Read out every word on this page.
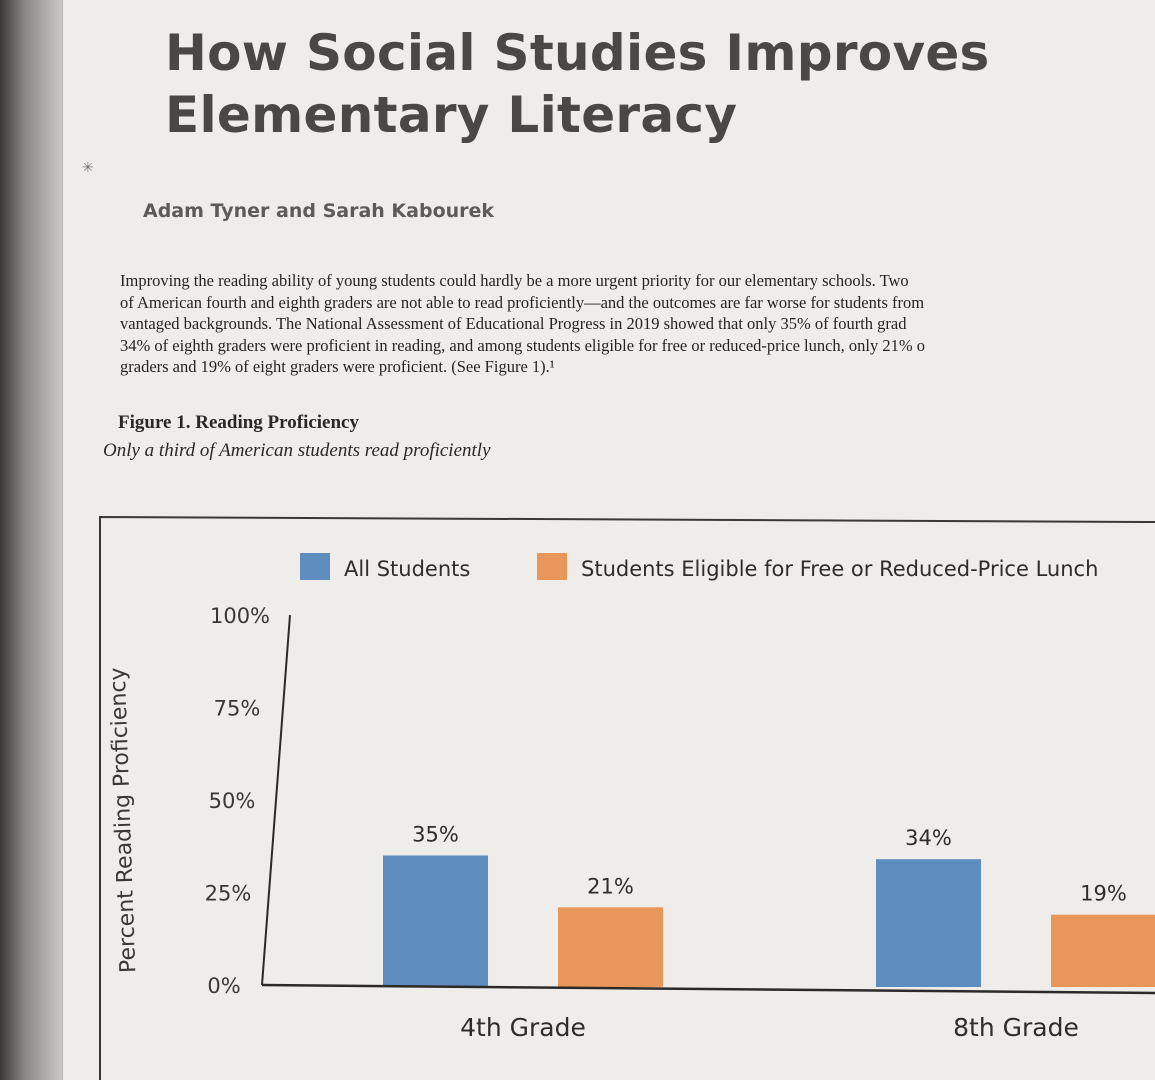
✳
How Social Studies Improves
Elementary Literacy
Adam Tyner and Sarah Kabourek
Improving the reading ability of young students could hardly be a more urgent priority for our elementary schools. Two
of American fourth and eighth graders are not able to read proficiently—and the outcomes are far worse for students from
vantaged backgrounds. The National Assessment of Educational Progress in 2019 showed that only 35% of fourth grad
34% of eighth graders were proficient in reading, and among students eligible for free or reduced-price lunch, only 21% o
graders and 19% of eight graders were proficient. (See Figure 1).¹
Figure 1. Reading Proficiency
Only a third of American students read proficiently
All Students	Students Eligible for Free or Reduced-Price Lunch
0%
25%
50%
75%
100%
Percent Reading Proficiency	35%
21%
34%
19%
4th Grade	8th Grade
